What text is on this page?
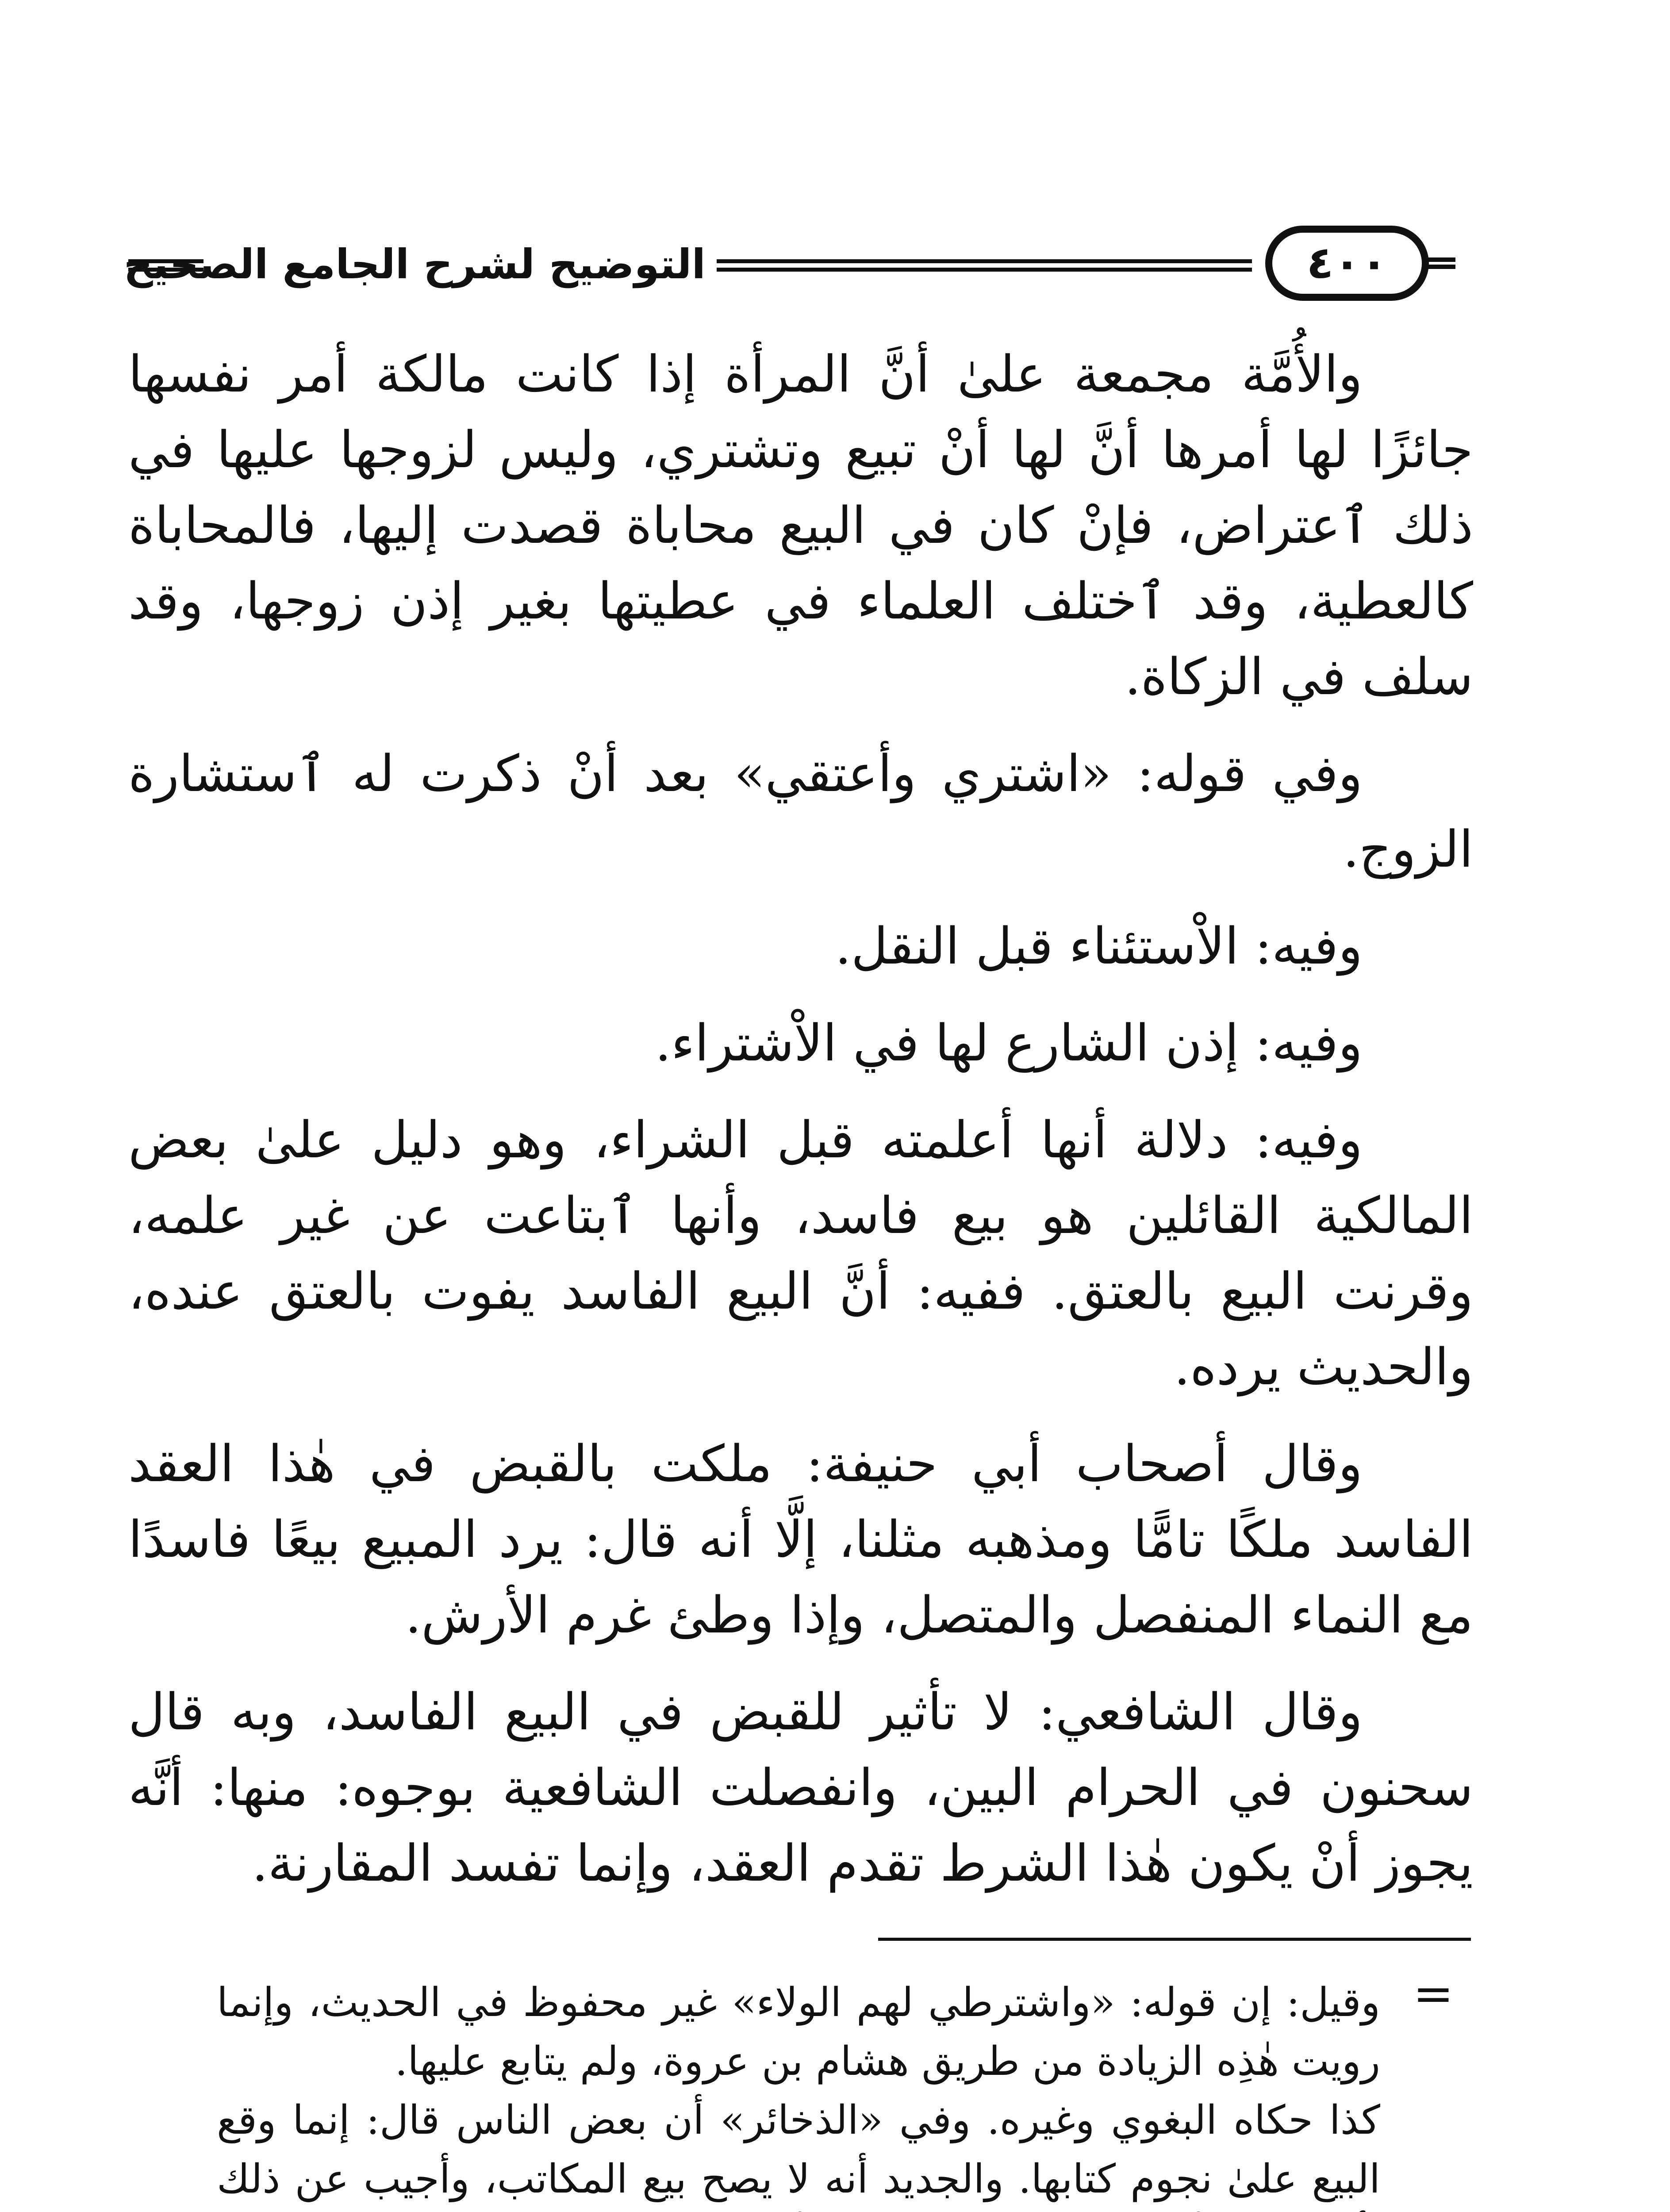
التوضيح لشرح الجامع الصحيح	٤٠٠

والأُمَّة مجمعة علىٰ أنَّ المرأة إذا كانت مالكة أمر نفسها جائزًا لها أمرها أنَّ لها أنْ تبيع وتشتري، وليس لزوجها عليها في ذلك ٱعتراض، فإنْ كان في البيع محاباة قصدت إليها، فالمحاباة كالعطية، وقد ٱختلف العلماء في عطيتها بغير إذن زوجها، وقد سلف في الزكاة.

وفي قوله: «اشتري وأعتقي» بعد أنْ ذكرت له ٱستشارة الزوج.

وفيه: الاْستئناء قبل النقل.

وفيه: إذن الشارع لها في الاْشتراء.

وفيه: دلالة أنها أعلمته قبل الشراء، وهو دليل علىٰ بعض المالكية القائلين هو بيع فاسد، وأنها ٱبتاعت عن غير علمه، وقرنت البيع بالعتق. ففيه: أنَّ البيع الفاسد يفوت بالعتق عنده، والحديث يرده.

وقال أصحاب أبي حنيفة: ملكت بالقبض في هٰذا العقد الفاسد ملكًا تامًّا ومذهبه مثلنا، إلَّا أنه قال: يرد المبيع بيعًا فاسدًا مع النماء المنفصل والمتصل، وإذا وطئ غرم الأرش.

وقال الشافعي: لا تأثير للقبض في البيع الفاسد، وبه قال سحنون في الحرام البين، وانفصلت الشافعية بوجوه: منها: أنَّه يجوز أنْ يكون هٰذا الشرط تقدم العقد، وإنما تفسد المقارنة.

=

وقيل: إن قوله: «واشترطي لهم الولاء» غير محفوظ في الحديث، وإنما رويت هٰذِه الزيادة من طريق هشام بن عروة، ولم يتابع عليها.

كذا حكاه البغوي وغيره. وفي «الذخائر» أن بعض الناس قال: إنما وقع البيع علىٰ نجوم كتابها. والجديد أنه لا يصح بيع المكاتب، وأجيب عن ذلك
